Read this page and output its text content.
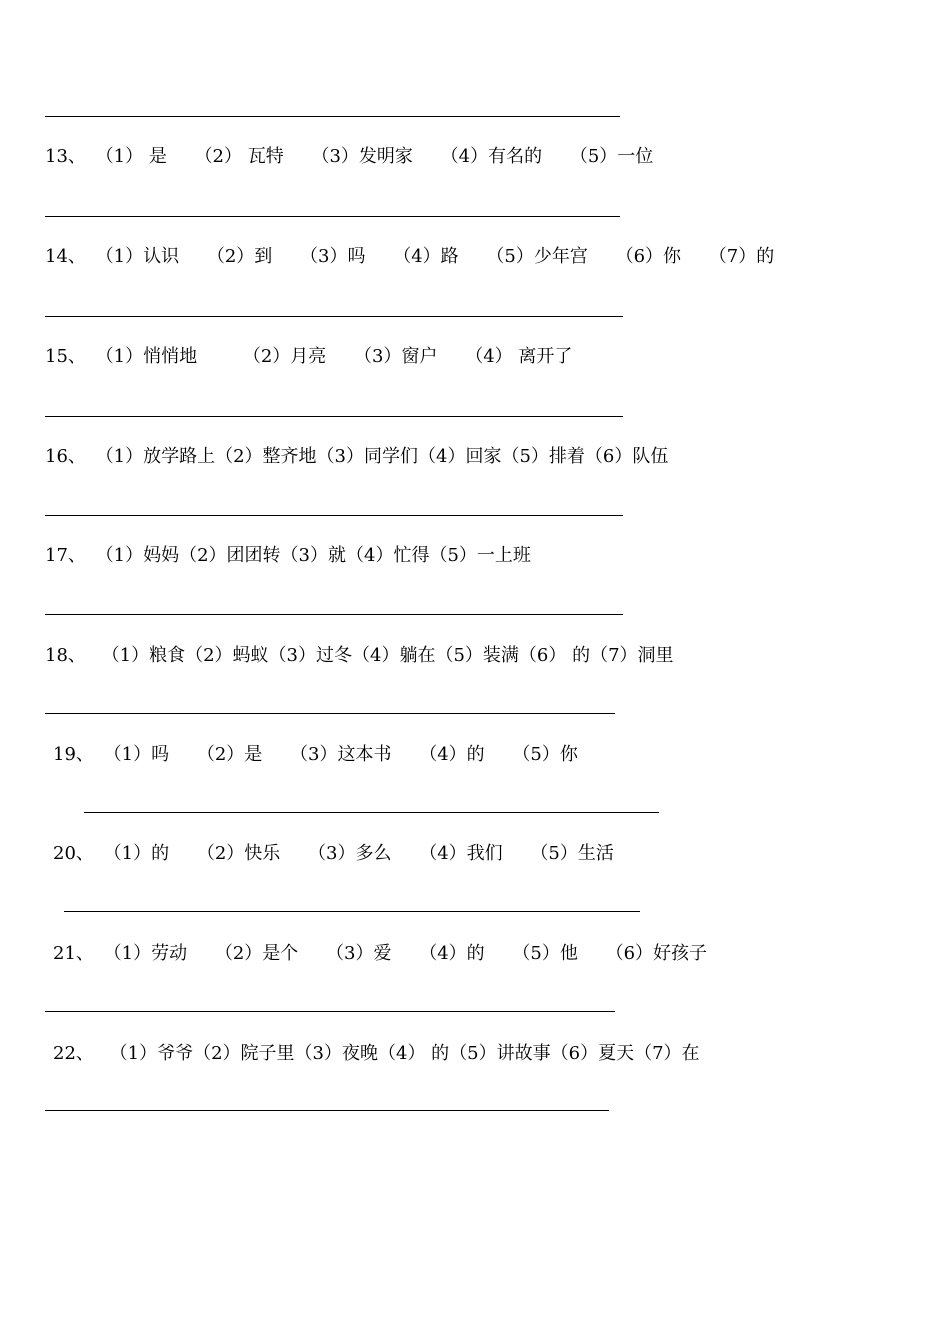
13、 （1） 是 （2） 瓦特 （3）发明家 （4）有名的 （5）一位
14、 （1）认识 （2）到 （3）吗 （4）路 （5）少年宫 （6）你 （7）的
15、 （1）悄悄地	（2）月亮 （3）窗户 （4） 离开了
16、 （1）放学路上（2）整齐地（3）同学们（4）回家（5）排着（6）队伍
17、 （1）妈妈（2）团团转（3）就（4）忙得（5）一上班
18、 （1）粮食（2）蚂蚁（3）过冬（4）躺在（5）装满（6） 的（7）洞里
19、 （1）吗 （2）是 （3）这本书 （4）的 （5）你
20、 （1）的 （2）快乐 （3）多么 （4）我们 （5）生活
21、 （1）劳动 （2）是个 （3）爱 （4）的 （5）他 （6）好孩子
22、 （1）爷爷（2）院子里（3）夜晚（4） 的（5）讲故事（6）夏天（7）在
